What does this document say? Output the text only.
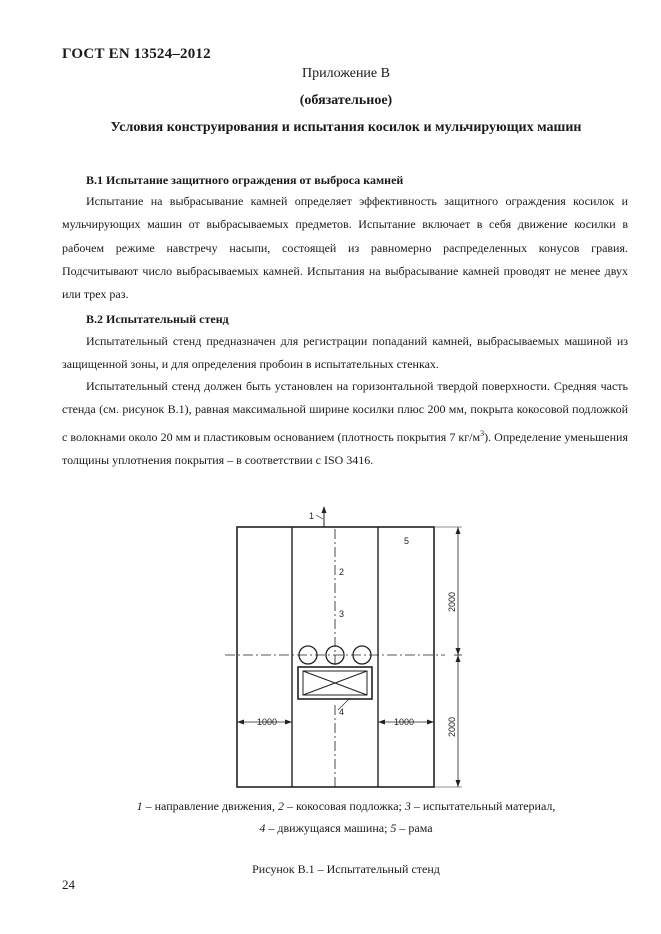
ГОСТ EN 13524–2012
Приложение В
(обязательное)
Условия конструирования и испытания косилок и мульчирующих машин
В.1 Испытание защитного ограждения от выброса камней

Испытание на выбрасывание камней определяет эффективность защитного ограждения косилок и мульчирующих машин от выбрасываемых предметов. Испытание включает в себя движение косилки в рабочем режиме навстречу насыпи, состоящей из равномерно распределенных конусов гравия. Подсчитывают число выбрасываемых камней. Испытания на выбрасывание камней проводят не менее двух или трех раз.

В.2 Испытательный стенд

Испытательный стенд предназначен для регистрации попаданий камней, выбрасываемых машиной из защищенной зоны, и для определения пробоин в испытательных стенках.

Испытательный стенд должен быть установлен на горизонтальной твердой поверхности. Средняя часть стенда (см. рисунок В.1), равная максимальной ширине косилки плюс 200 мм, покрыта кокосовой подложкой с волокнами около 20 мм и пластиковым основанием (плотность покрытия 7 $кг/м^3$). Определение уменьшения толщины уплотнения покрытия – в соответствии с ISO 3416.

1
2
3
4
5
1000	1000
2000
2000
1 – направление движения, 2 – кокосовая подложка; 3 – испытательный материал,
4 – движущаяся машина; 5 – рама
Рисунок В.1 – Испытательный стенд
24
